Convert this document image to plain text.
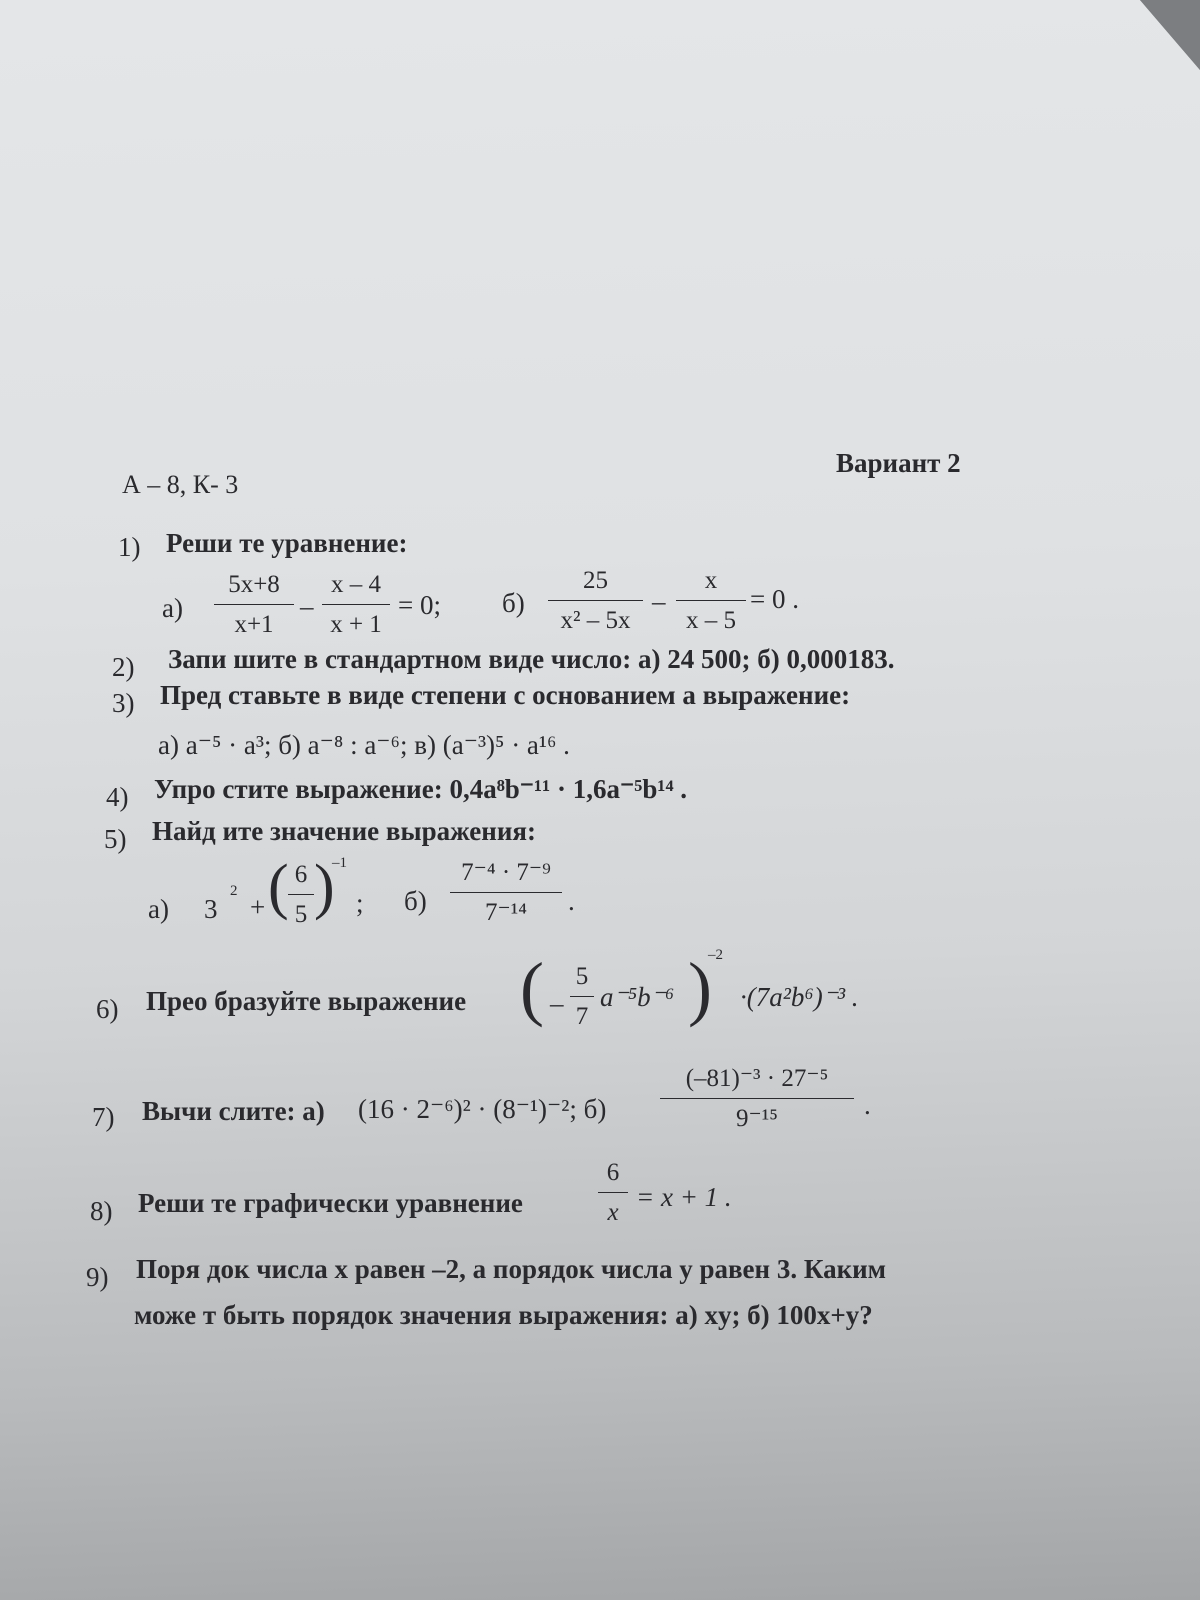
А – 8, К- 3
Вариант 2
1) Реши те уравнение:
а)
5х+8
х+1
–
х – 4
х + 1
= 0; б)
25
х² – 5х
–
х
х – 5
= 0 .
2) Запи шите в стандартном виде число: а) 24 500; б) 0,000183.
3) Пред ставьте в виде степени с основанием a выражение:
а) a⁻⁵ · a³; б) a⁻⁸ : a⁻⁶; в) (a⁻³)⁵ · a¹⁶ .
4) Упро стите выражение: 0,4a⁸b⁻¹¹ · 1,6a⁻⁵b¹⁴ .
5) Найд ите значение выражения:
а) 3
2
+ ( 6
5 )
–1
; б)
7⁻⁴ · 7⁻⁹
7⁻¹⁴	.
6) Прео бразуйте выражение ( –
5
7
a⁻⁵b⁻⁶ )
–2
·(7a²b⁶)⁻³ .
7) Вычи слите: а) (16 · 2⁻⁶)² · (8⁻¹)⁻²; б)
(–81)⁻³ · 27⁻⁵
9⁻¹⁵	.
8) Реши те графически уравнение
6
x
= x + 1 .
9) Поря док числа x равен –2, а порядок числа y равен 3. Каким
може т быть порядок значения выражения: а) xy; б) 100x+y?
